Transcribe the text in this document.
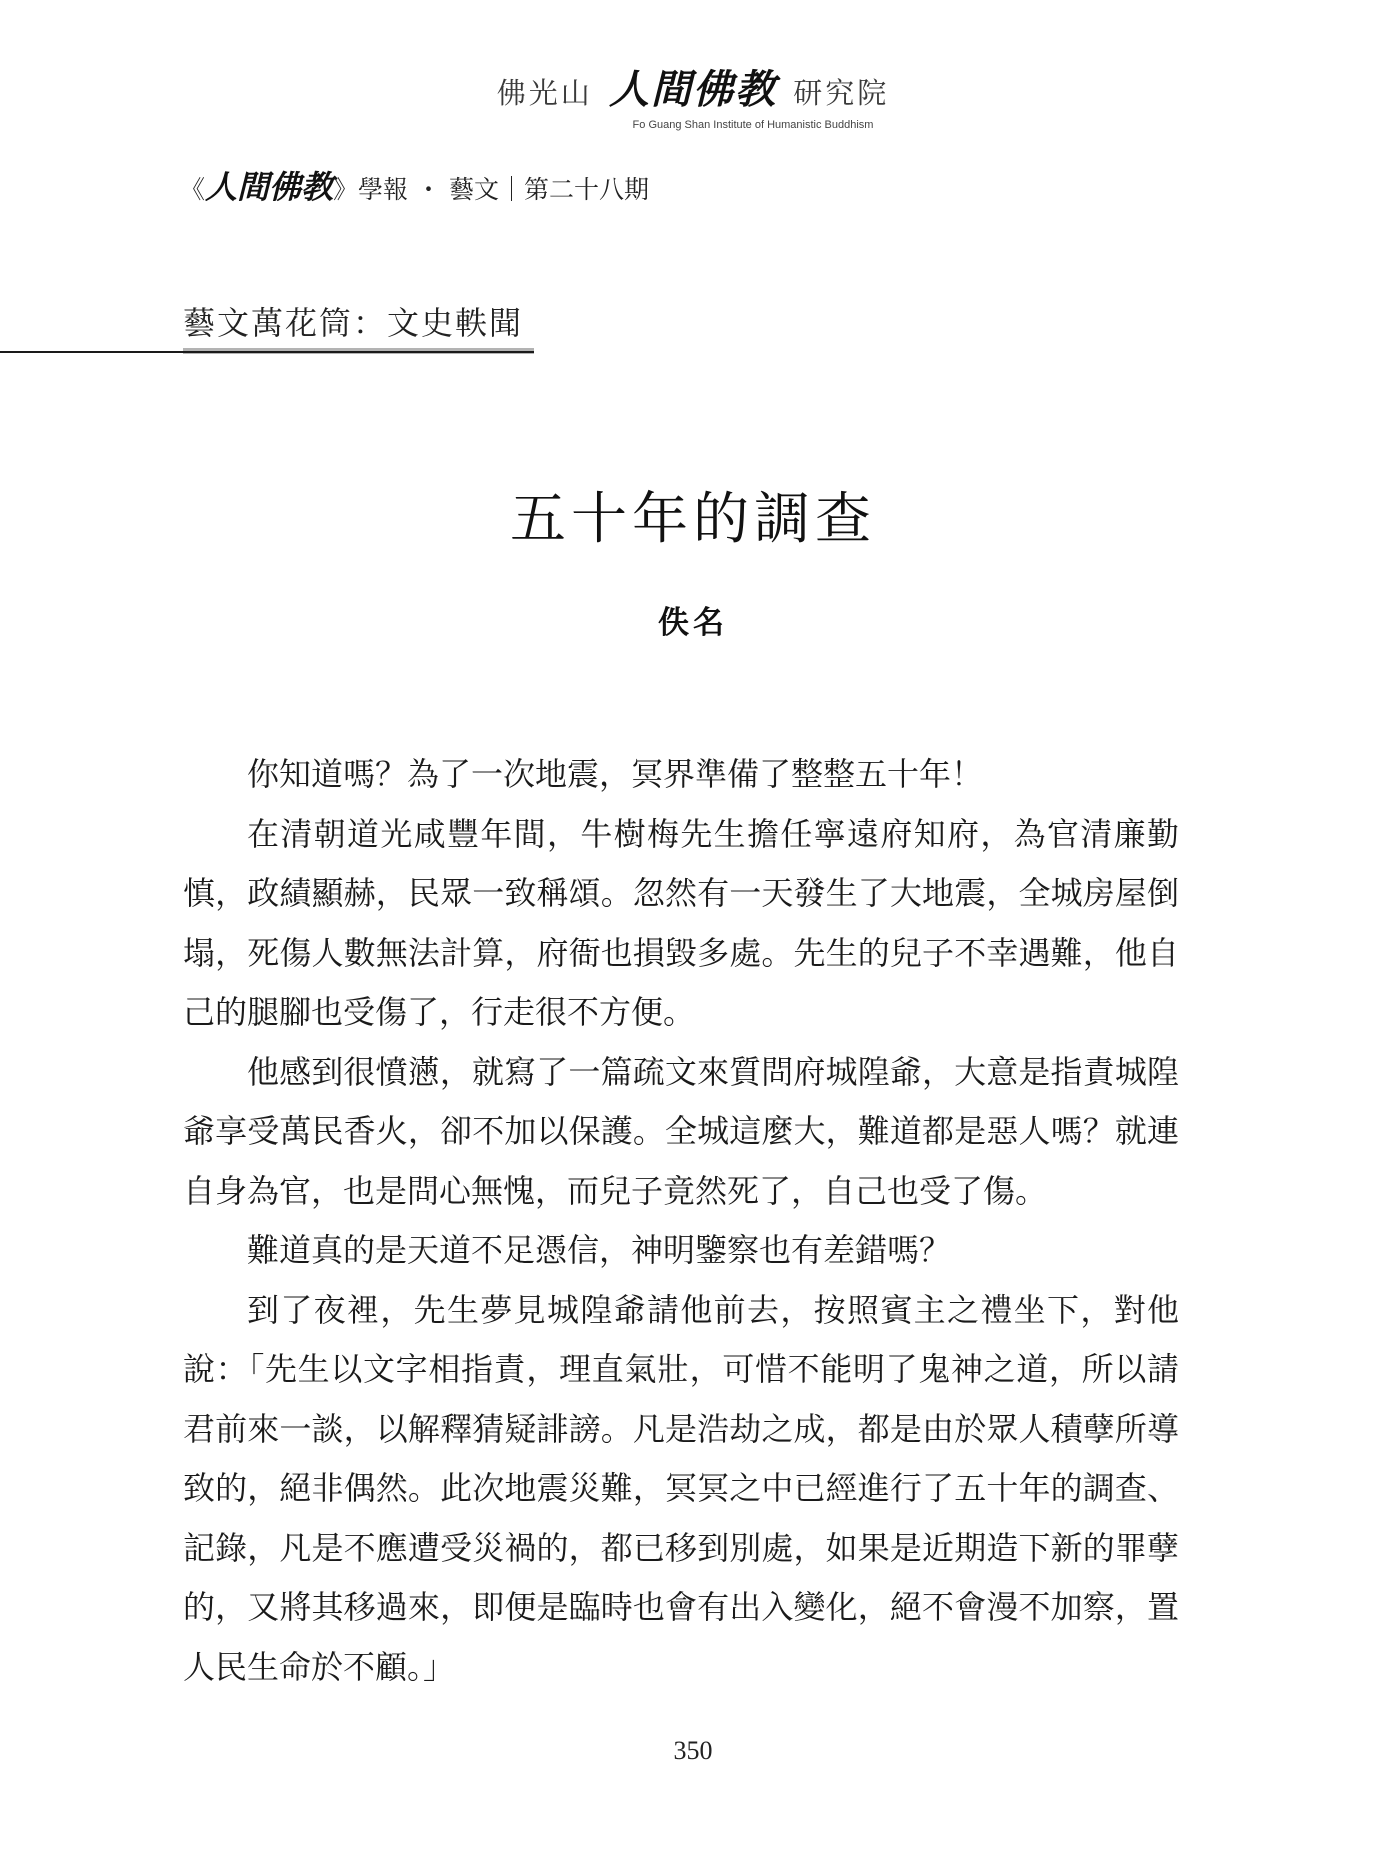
佛光山 人間佛教 研究院
Fo Guang Shan Institute of Humanistic Buddhism
《人間佛教》學報 ・ 藝文｜第二十八期
藝文萬花筒：文史軼聞
五十年的調查
佚名

你知道嗎？為了一次地震，冥界準備了整整五十年！

在清朝道光咸豐年間，牛樹梅先生擔任寧遠府知府，為官清廉勤慎，政績顯赫，民眾一致稱頌。忽然有一天發生了大地震，全城房屋倒塌，死傷人數無法計算，府衙也損毀多處。先生的兒子不幸遇難，他自己的腿腳也受傷了，行走很不方便。

他感到很憤懣，就寫了一篇疏文來質問府城隍爺，大意是指責城隍爺享受萬民香火，卻不加以保護。全城這麼大，難道都是惡人嗎？就連自身為官，也是問心無愧，而兒子竟然死了，自己也受了傷。

難道真的是天道不足憑信，神明鑒察也有差錯嗎？

到了夜裡，先生夢見城隍爺請他前去，按照賓主之禮坐下，對他說：「先生以文字相指責，理直氣壯，可惜不能明了鬼神之道，所以請君前來一談，以解釋猜疑誹謗。凡是浩劫之成，都是由於眾人積孽所導致的，絕非偶然。此次地震災難，冥冥之中已經進行了五十年的調查、記錄，凡是不應遭受災禍的，都已移到別處，如果是近期造下新的罪孽的，又將其移過來，即便是臨時也會有出入變化，絕不會漫不加察，置人民生命於不顧。」

350
